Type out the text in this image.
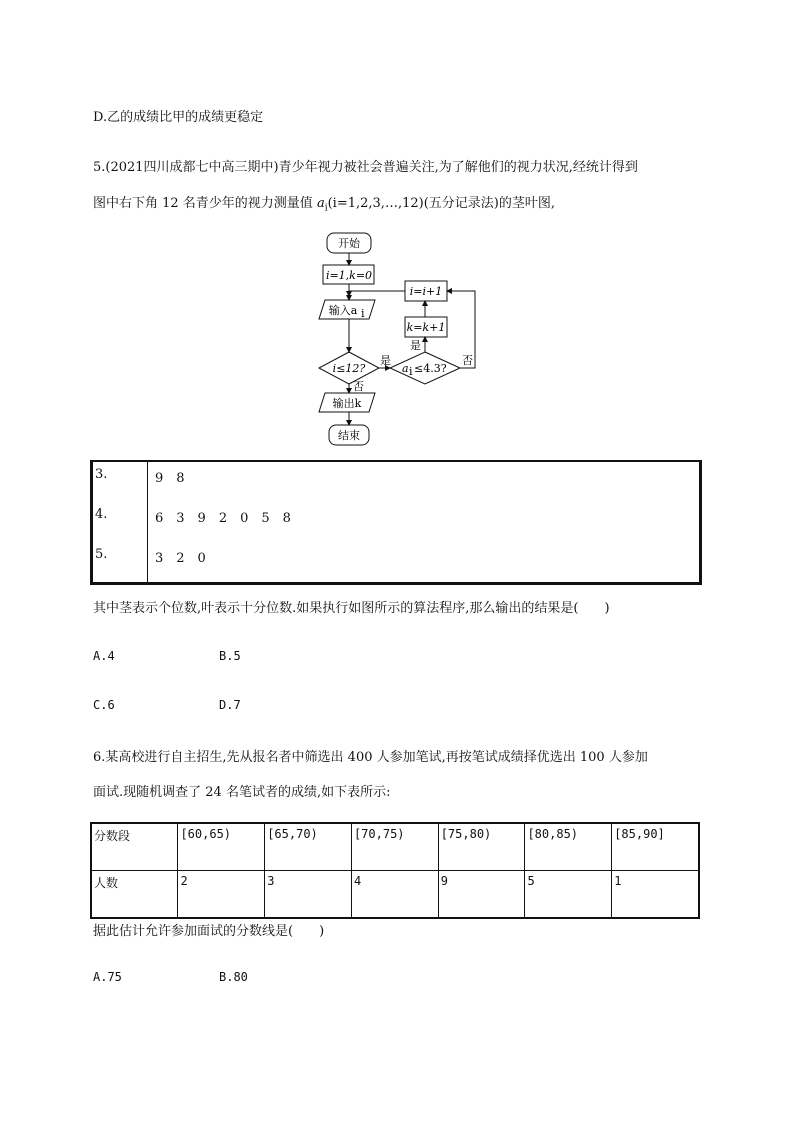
D.乙的成绩比甲的成绩更稳定
5.(2021四川成都七中高三期中)青少年视力被社会普遍关注,为了解他们的视力状况,经统计得到
图中右下角 12 名青少年的视力测量值 $a_i(i=1,2,3,\dots,12)$(五分记录法)的茎叶图,
开始
i=1,k=0
输入a i
i≤12?	a i ≤4.3?
k=k+1
i=i+1
输出k
结束
是
否
是
否
3.	9　8
4.	6　3　9　2　0　5　8
5.	3　2　0
其中茎表示个位数,叶表示十分位数.如果执行如图所示的算法程序,那么输出的结果是(　　)
A.4	B.5
C.6	D.7
6.某高校进行自主招生,先从报名者中筛选出 400 人参加笔试,再按笔试成绩择优选出 100 人参加
面试.现随机调查了 24 名笔试者的成绩,如下表所示:
分数段	[60,65)	[65,70)	[70,75)	[75,80)	[80,85)	[85,90]
人数	2	3	4	9	5	1
据此估计允许参加面试的分数线是(　　)
A.75	B.80
